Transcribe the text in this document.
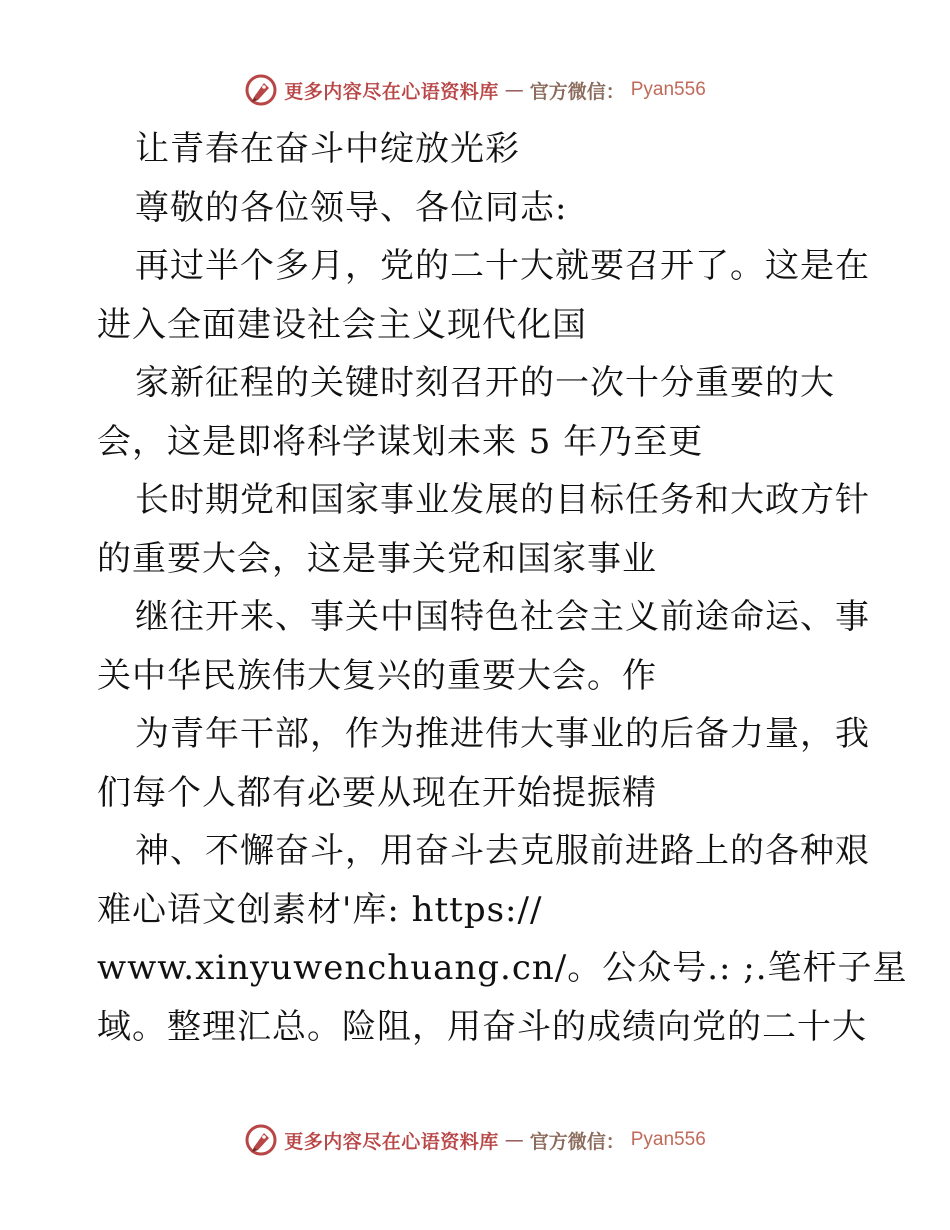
更多内容尽在心语资料库 — 官方微信： Pyan556
让青春在奋斗中绽放光彩
尊敬的各位领导、各位同志:
再过半个多月，党的二十大就要召开了。这是在
进入全面建设社会主义现代化国
家新征程的关键时刻召开的一次十分重要的大
会，这是即将科学谋划未来 5 年乃至更
长时期党和国家事业发展的目标任务和大政方针
的重要大会，这是事关党和国家事业
继往开来、事关中国特色社会主义前途命运、事
关中华民族伟大复兴的重要大会。作
为青年干部，作为推进伟大事业的后备力量，我
们每个人都有必要从现在开始提振精
神、不懈奋斗，用奋斗去克服前进路上的各种艰
难心语文创素材'库: https://
www.xinyuwenchuang.cn/。公众号.: ;.笔杆子星
域。整理汇总。险阻，用奋斗的成绩向党的二十大
更多内容尽在心语资料库 — 官方微信： Pyan556
